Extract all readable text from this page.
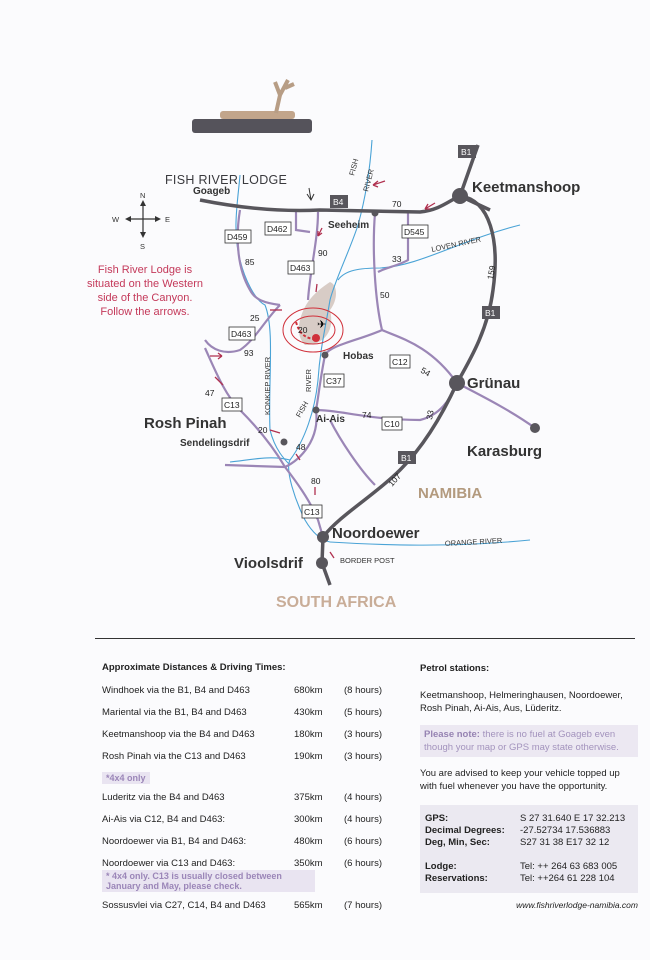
FISH RIVER LODGE
N
S
E
W
Fish River Lodge is
situated on the Western
side of the Canyon.
Follow the arrows.
✈
Keetmanshoop
Goageb
Seeheim
Hobas
Grünau
Ai-Ais
Rosh Pinah
Sendelingsdrif	Karasburg
Noordoewer
Vioolsdrif
NAMIBIA
SOUTH AFRICA
FISH
RIVER
LOVEN RIVER
KONKIEP RIVER	FISH
RIVER
ORANGE RIVER
BORDER POST
B1
B4
B1
B1
D459
D462	D545
D463
D463
C12
C37
C10
C13
C13
70
90
85	33
50
159
25
20
93
54
47
74	33
20
48
80	107
Approximate Distances & Driving Times:
Windhoek via the B1, B4 and D463	680km	(8 hours)
Mariental via the B1, B4 and D463	430km	(5 hours)
Keetmanshoop via the B4 and D463	180km	(3 hours)
Rosh Pinah via the C13 and D463	190km	(3 hours)
*4x4 only
Luderitz via the B4 and D463	375km	(4 hours)
Ai-Ais via C12, B4 and D463:	300km	(4 hours)
Noordoewer via B1, B4 and D463:	480km	(6 hours)
Noordoewer via C13 and D463:	350km	(6 hours)
* 4x4 only. C13 is usually closed between January and May, please check.
Sossusvlei via C27, C14, B4 and D463	565km	(7 hours)
Petrol stations:
Keetmanshoop, Helmeringhausen, Noordoewer, Rosh Pinah, Ai-Ais, Aus, Lüderitz.
Please note: there is no fuel at Goageb even though your map or GPS may state otherwise.
You are advised to keep your vehicle topped up with fuel whenever you have the opportunity.
GPS:	S 27 31.640 E 17 32.213
Decimal Degrees:	-27.52734 17.536883
Deg, Min, Sec:	S27 31 38 E17 32 12
Lodge:	Tel: ++ 264 63 683 005
Reservations:	Tel: ++264 61 228 104
www.fishriverlodge-namibia.com
